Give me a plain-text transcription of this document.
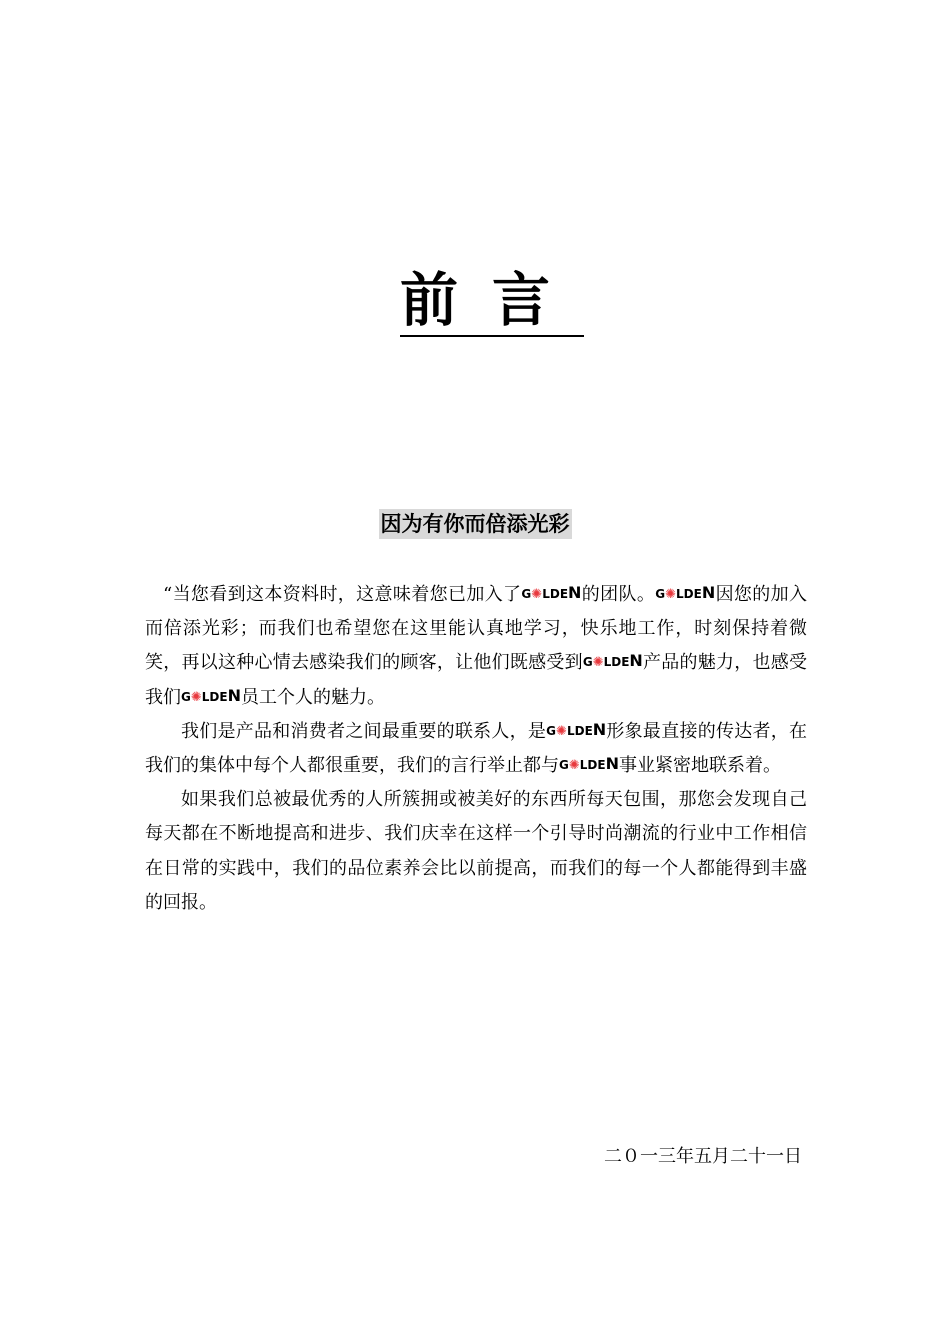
前言
因为有你而倍添光彩

“当您看到这本资料时，这意味着您已加入了G✺LDEN的团队。G✺LDEN因您的加入而倍添光彩；而我们也希望您在这里能认真地学习，快乐地工作，时刻保持着微笑，再以这种心情去感染我们的顾客，让他们既感受到G✺LDEN产品的魅力，也感受我们G✺LDEN员工个人的魅力。

我们是产品和消费者之间最重要的联系人，是G✺LDEN形象最直接的传达者，在我们的集体中每个人都很重要，我们的言行举止都与G✺LDEN事业紧密地联系着。

如果我们总被最优秀的人所簇拥或被美好的东西所每天包围，那您会发现自己每天都在不断地提高和进步、我们庆幸在这样一个引导时尚潮流的行业中工作相信在日常的实践中，我们的品位素养会比以前提高，而我们的每一个人都能得到丰盛的回报。

二０一三年五月二十一日
